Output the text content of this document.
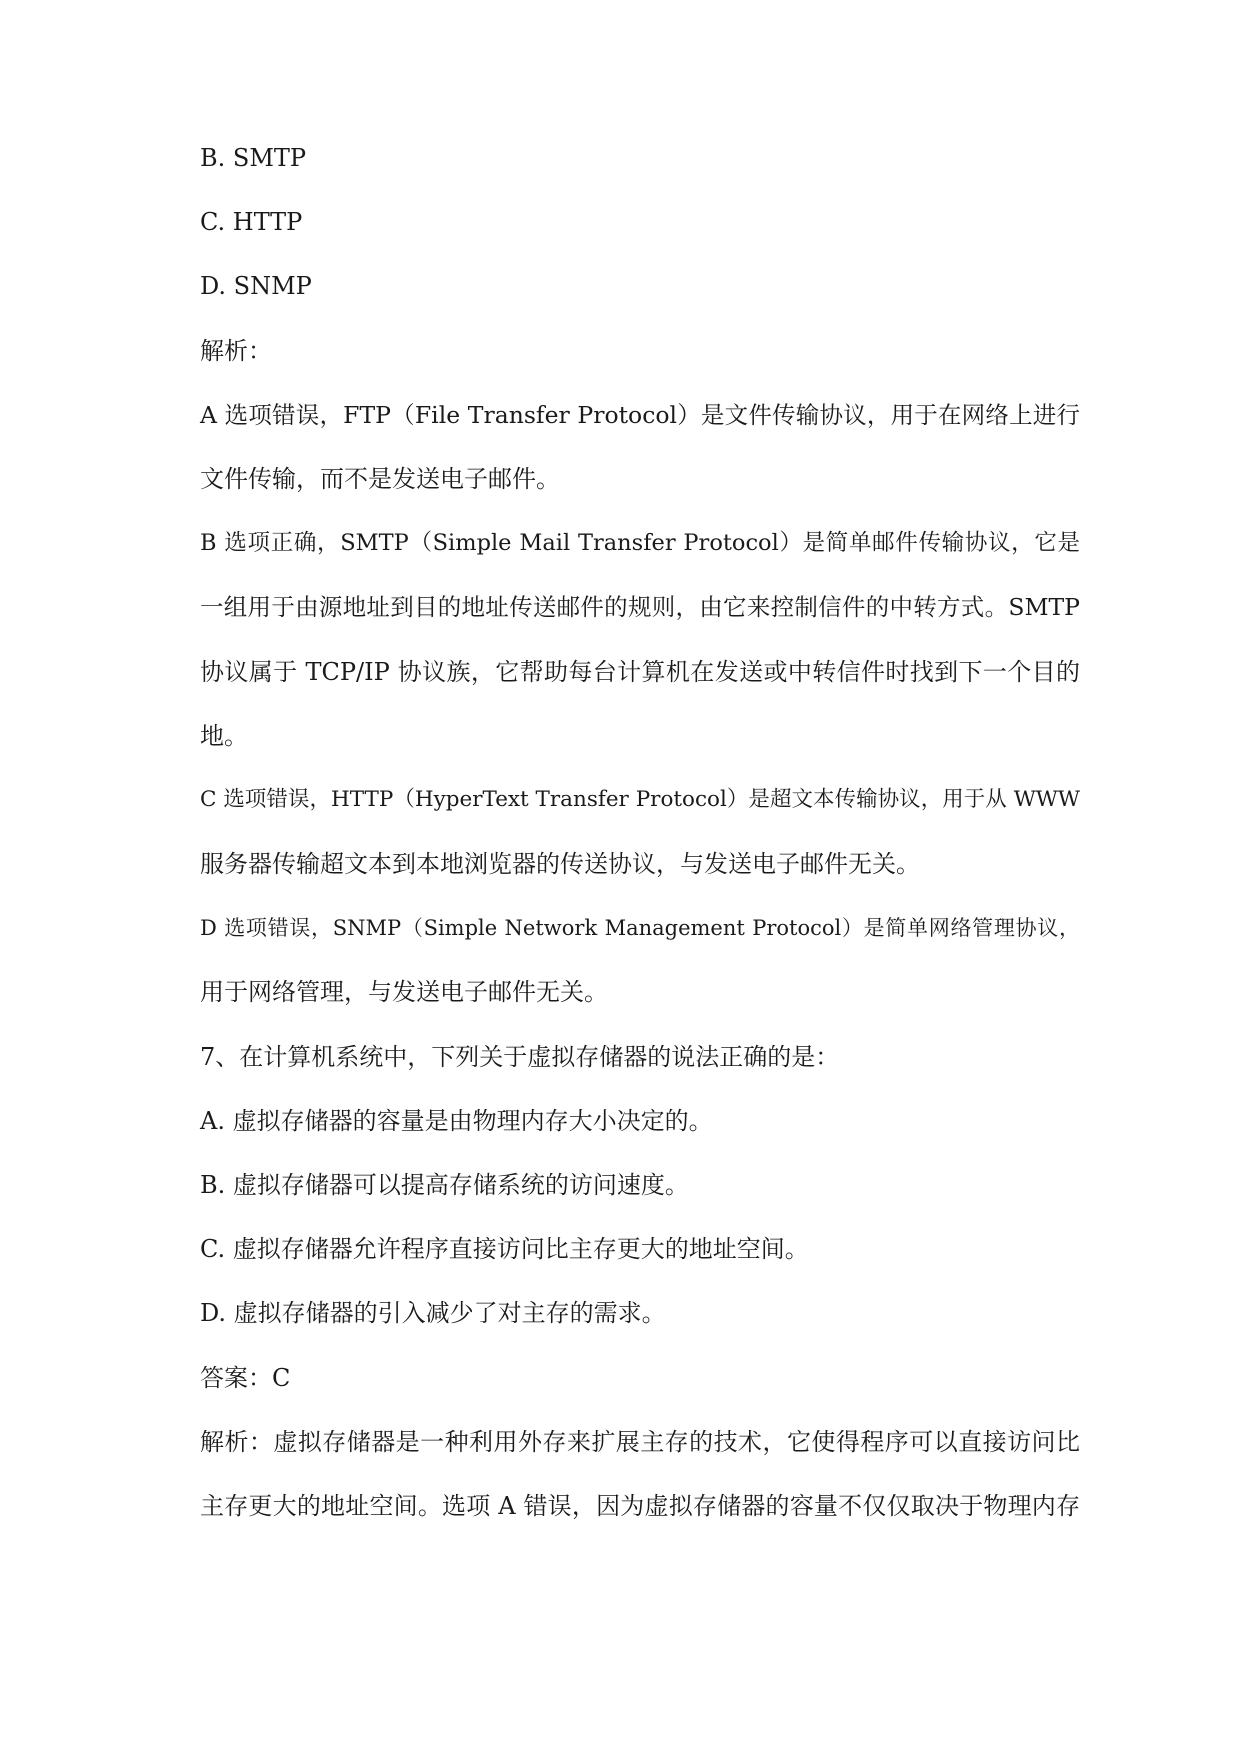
B. SMTP
C. HTTP
D. SNMP
解析：
A 选项错误，FTP（File Transfer Protocol）是文件传输协议，用于在网络上进行
文件传输，而不是发送电子邮件。
B 选项正确，SMTP（Simple Mail Transfer Protocol）是简单邮件传输协议，它是
一组用于由源地址到目的地址传送邮件的规则，由它来控制信件的中转方式。SMTP
协议属于 TCP/IP 协议族，它帮助每台计算机在发送或中转信件时找到下一个目的
地。
C 选项错误，HTTP（HyperText Transfer Protocol）是超文本传输协议，用于从 WWW
服务器传输超文本到本地浏览器的传送协议，与发送电子邮件无关。
D 选项错误，SNMP（Simple Network Management Protocol）是简单网络管理协议，
用于网络管理，与发送电子邮件无关。
7、在计算机系统中，下列关于虚拟存储器的说法正确的是：
A. 虚拟存储器的容量是由物理内存大小决定的。
B. 虚拟存储器可以提高存储系统的访问速度。
C. 虚拟存储器允许程序直接访问比主存更大的地址空间。
D. 虚拟存储器的引入减少了对主存的需求。
答案：C
解析：虚拟存储器是一种利用外存来扩展主存的技术，它使得程序可以直接访问比
主存更大的地址空间。选项 A 错误，因为虚拟存储器的容量不仅仅取决于物理内存
